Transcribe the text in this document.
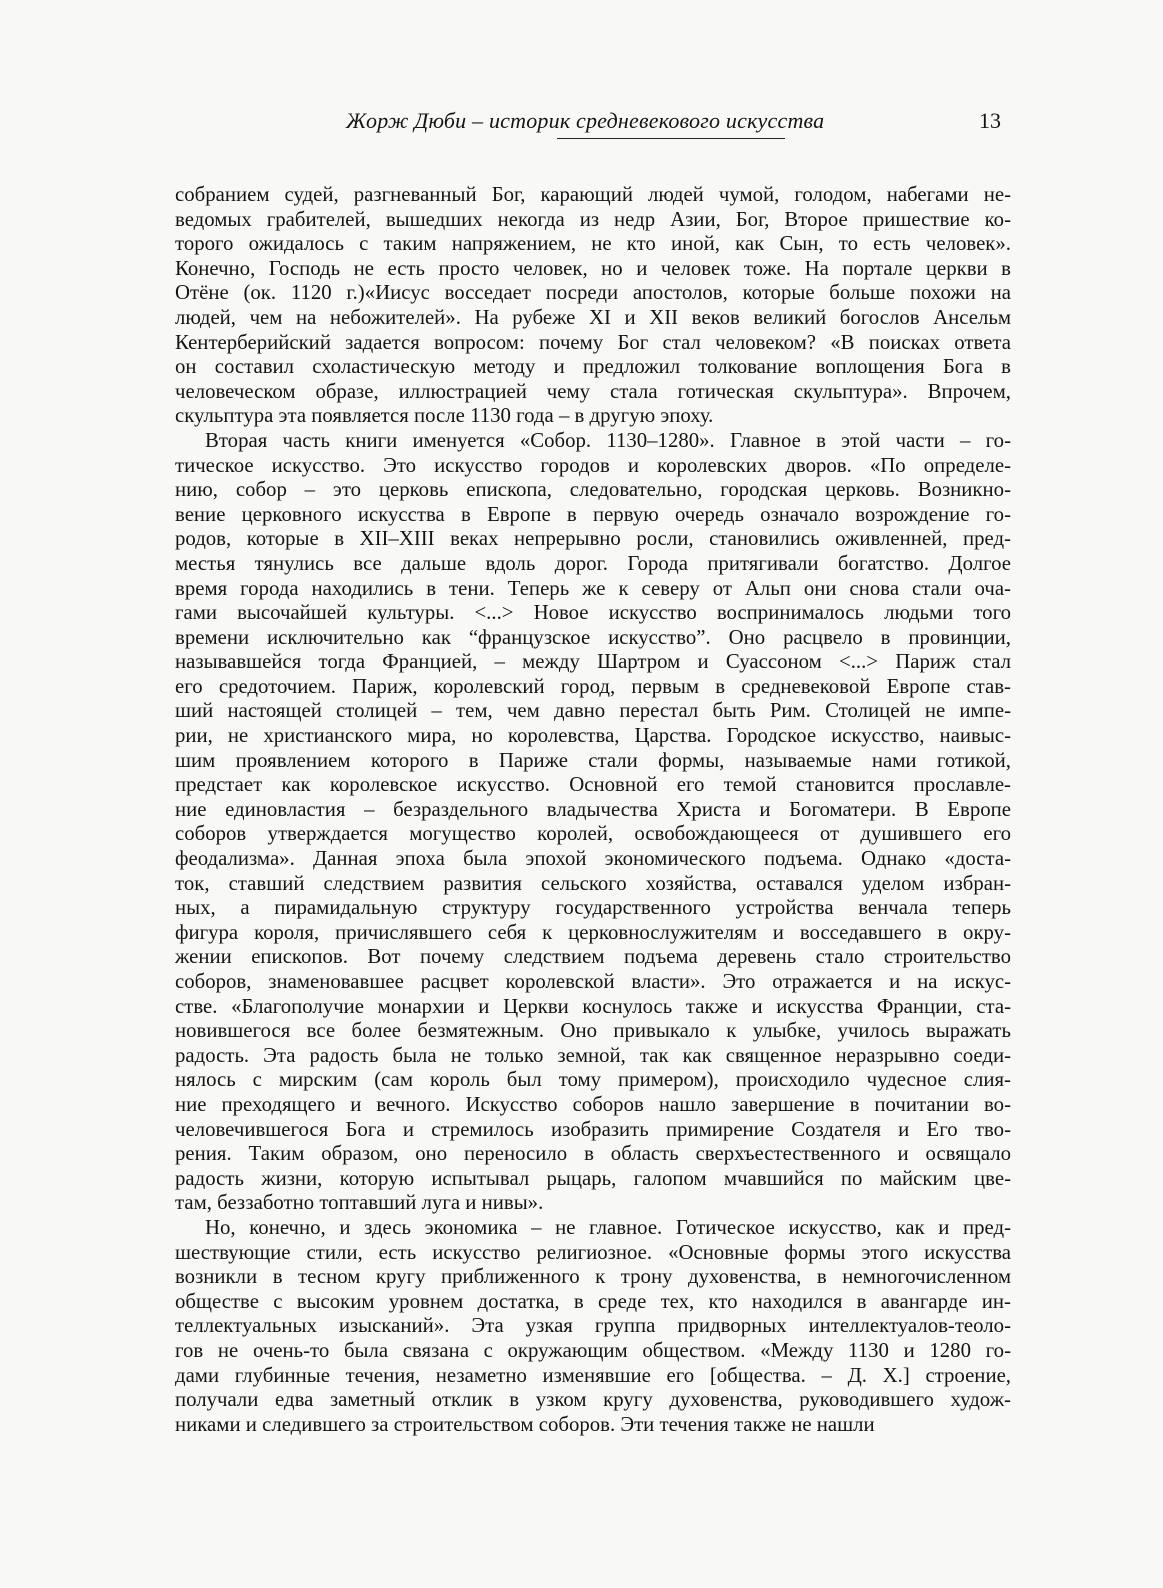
Жорж Дюби – историк средневекового искусства	13

собранием судей, разгневанный Бог, карающий людей чумой, голодом, набегами не-
ведомых грабителей, вышедших некогда из недр Азии, Бог, Второе пришествие ко-
торого ожидалось с таким напряжением, не кто иной, как Сын, то есть человек».
Конечно, Господь не есть просто человек, но и человек тоже. На портале церкви в
Отёне (ок. 1120 г.)«Иисус восседает посреди апостолов, которые больше похожи на
людей, чем на небожителей». На рубеже XI и XII веков великий богослов Ансельм
Кентерберийский задается вопросом: почему Бог стал человеком? «В поисках ответа
он составил схоластическую методу и предложил толкование воплощения Бога в
человеческом образе, иллюстрацией чему стала готическая скульптура». Впрочем,
скульптура эта появляется после 1130 года – в другую эпоху.

Вторая часть книги именуется «Собор. 1130–1280». Главное в этой части – го-
тическое искусство. Это искусство городов и королевских дворов. «По определе-
нию, собор – это церковь епископа, следовательно, городская церковь. Возникно-
вение церковного искусства в Европе в первую очередь означало возрождение го-
родов, которые в XII–XIII веках непрерывно росли, становились оживленней, пред-
местья тянулись все дальше вдоль дорог. Города притягивали богатство. Долгое
время города находились в тени. Теперь же к северу от Альп они снова стали оча-
гами высочайшей культуры. <...> Новое искусство воспринималось людьми того
времени исключительно как “французское искусство”. Оно расцвело в провинции,
называвшейся тогда Францией, – между Шартром и Суассоном <...> Париж стал
его средоточием. Париж, королевский город, первым в средневековой Европе став-
ший настоящей столицей – тем, чем давно перестал быть Рим. Столицей не импе-
рии, не христианского мира, но королевства, Царства. Городское искусство, наивыс-
шим проявлением которого в Париже стали формы, называемые нами готикой,
предстает как королевское искусство. Основной его темой становится прославле-
ние единовластия – безраздельного владычества Христа и Богоматери. В Европе
соборов утверждается могущество королей, освобождающееся от душившего его
феодализма». Данная эпоха была эпохой экономического подъема. Однако «доста-
ток, ставший следствием развития сельского хозяйства, оставался уделом избран-
ных, а пирамидальную структуру государственного устройства венчала теперь
фигура короля, причислявшего себя к церковнослужителям и восседавшего в окру-
жении епископов. Вот почему следствием подъема деревень стало строительство
соборов, знаменовавшее расцвет королевской власти». Это отражается и на искус-
стве. «Благополучие монархии и Церкви коснулось также и искусства Франции, ста-
новившегося все более безмятежным. Оно привыкало к улыбке, училось выражать
радость. Эта радость была не только земной, так как священное неразрывно соеди-
нялось с мирским (сам король был тому примером), происходило чудесное слия-
ние преходящего и вечного. Искусство соборов нашло завершение в почитании во-
человечившегося Бога и стремилось изобразить примирение Создателя и Его тво-
рения. Таким образом, оно переносило в область сверхъестественного и освящало
радость жизни, которую испытывал рыцарь, галопом мчавшийся по майским цве-
там, беззаботно топтавший луга и нивы».

Но, конечно, и здесь экономика – не главное. Готическое искусство, как и пред-
шествующие стили, есть искусство религиозное. «Основные формы этого искусства
возникли в тесном кругу приближенного к трону духовенства, в немногочисленном
обществе с высоким уровнем достатка, в среде тех, кто находился в авангарде ин-
теллектуальных изысканий». Эта узкая группа придворных интеллектуалов-теоло-
гов не очень-то была связана с окружающим обществом. «Между 1130 и 1280 го-
дами глубинные течения, незаметно изменявшие его [общества. – Д. Х.] строение,
получали едва заметный отклик в узком кругу духовенства, руководившего худож-
никами и следившего за строительством соборов. Эти течения также не нашли
